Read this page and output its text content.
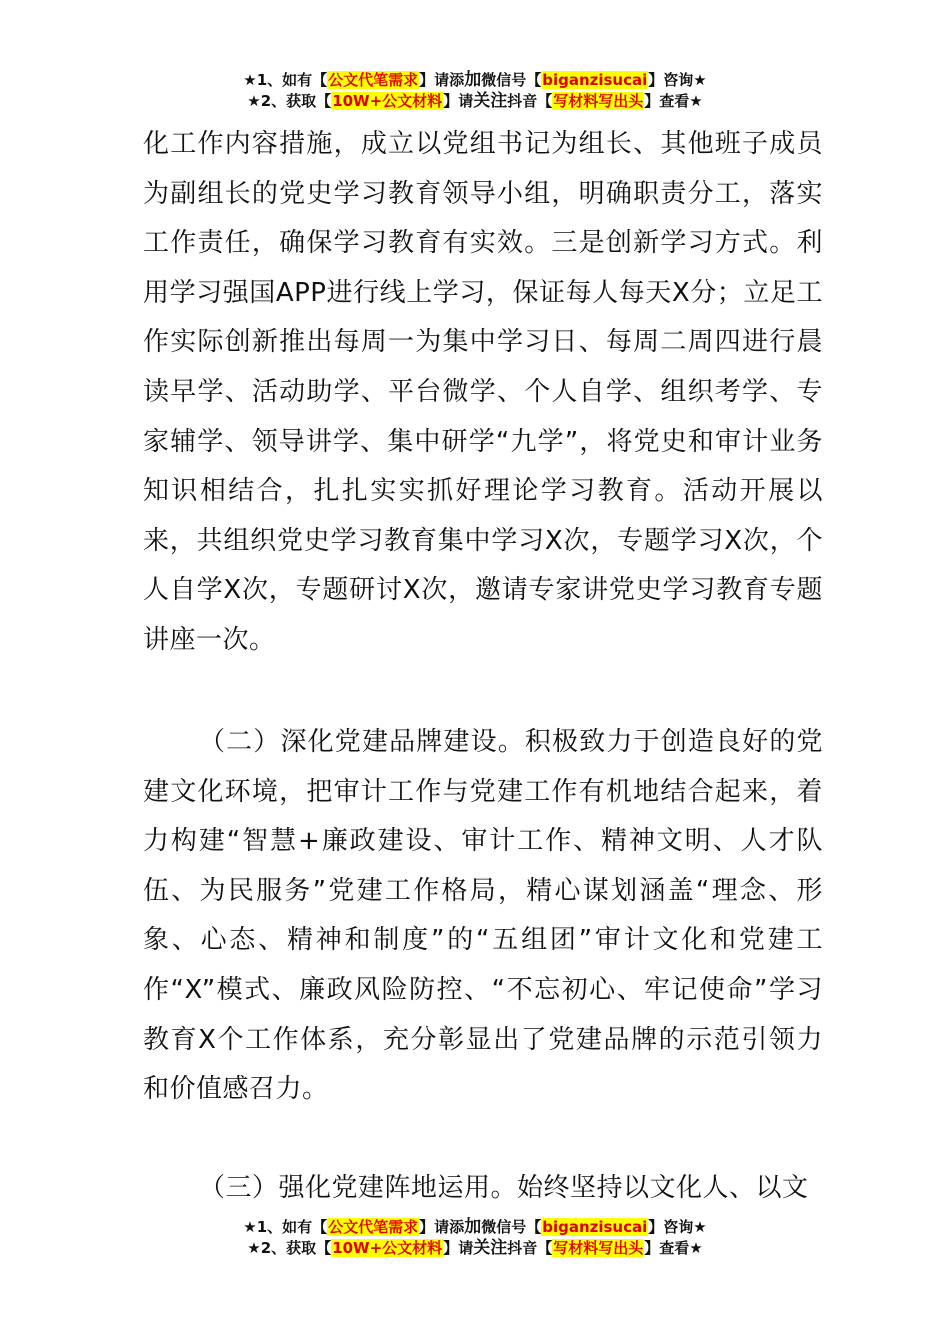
★1、如有【公文代笔需求】请添加微信号【biganzisucai】咨询★
★2、获取【10W+公文材料】请关注抖音【写材料写出头】查看★

化工作内容措施，成立以党组书记为组长、其他班子成员为副组长的党史学习教育领导小组，明确职责分工，落实工作责任，确保学习教育有实效。三是创新学习方式。利用学习强国APP进行线上学习，保证每人每天X分；立足工作实际创新推出每周一为集中学习日、每周二周四进行晨读早学、活动助学、平台微学、个人自学、组织考学、专家辅学、领导讲学、集中研学“九学”，将党史和审计业务知识相结合，扎扎实实抓好理论学习教育。活动开展以来，共组织党史学习教育集中学习X次，专题学习X次，个人自学X次，专题研讨X次，邀请专家讲党史学习教育专题讲座一次。

（二）深化党建品牌建设。积极致力于创造良好的党建文化环境，把审计工作与党建工作有机地结合起来，着力构建“智慧+廉政建设、审计工作、精神文明、人才队伍、为民服务”党建工作格局，精心谋划涵盖“理念、形象、心态、精神和制度”的“五组团”审计文化和党建工作“X”模式、廉政风险防控、“不忘初心、牢记使命”学习教育X个工作体系，充分彰显出了党建品牌的示范引领力和价值感召力。

（三）强化党建阵地运用。始终坚持以文化人、以文

★1、如有【公文代笔需求】请添加微信号【biganzisucai】咨询★
★2、获取【10W+公文材料】请关注抖音【写材料写出头】查看★
